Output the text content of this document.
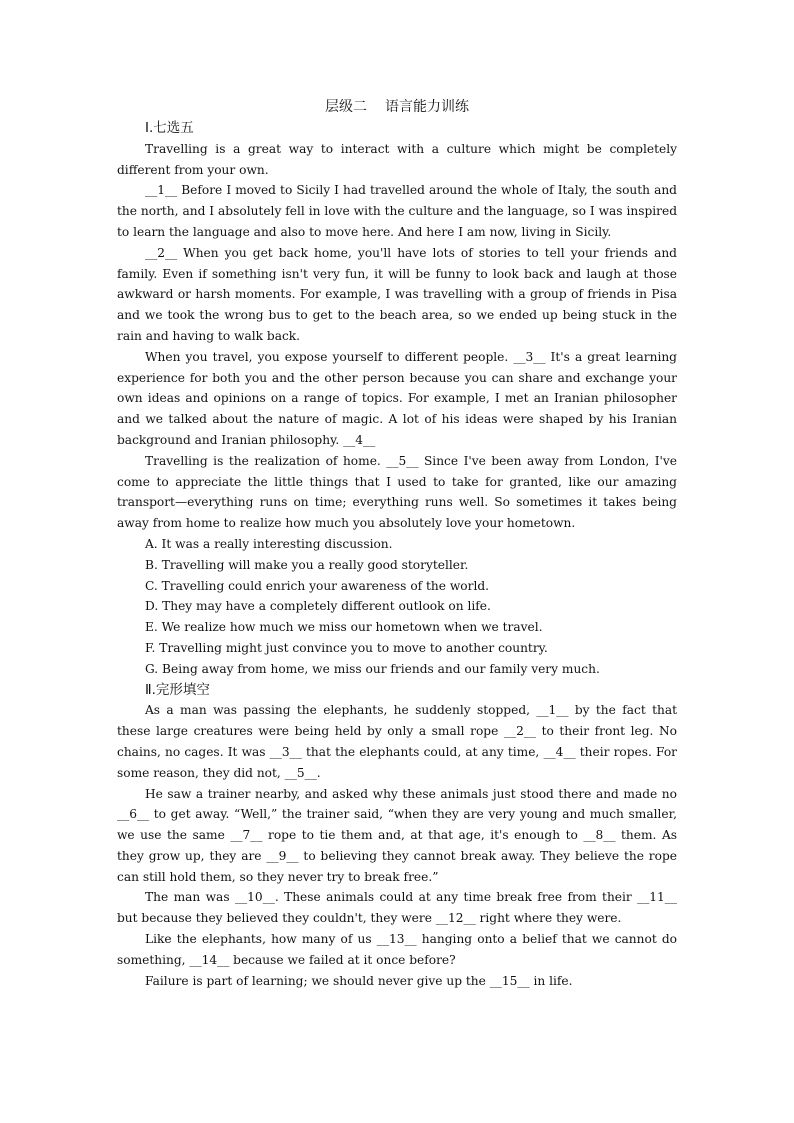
层级二 语言能力训练
Ⅰ.七选五

Travelling is a great way to interact with a culture which might be completely different from your own.

__1__ Before I moved to Sicily I had travelled around the whole of Italy, the south and the north, and I absolutely fell in love with the culture and the language, so I was inspired to learn the language and also to move here. And here I am now, living in Sicily.

__2__ When you get back home, you'll have lots of stories to tell your friends and family. Even if something isn't very fun, it will be funny to look back and laugh at those awkward or harsh moments. For example, I was travelling with a group of friends in Pisa and we took the wrong bus to get to the beach area, so we ended up being stuck in the rain and having to walk back.

When you travel, you expose yourself to different people. __3__ It's a great learning experience for both you and the other person because you can share and exchange your own ideas and opinions on a range of topics. For example, I met an Iranian philosopher and we talked about the nature of magic. A lot of his ideas were shaped by his Iranian background and Iranian philosophy. __4__

Travelling is the realization of home. __5__ Since I've been away from London, I've come to appreciate the little things that I used to take for granted, like our amazing transport—everything runs on time; everything runs well. So sometimes it takes being away from home to realize how much you absolutely love your hometown.

A. It was a really interesting discussion.

B. Travelling will make you a really good storyteller.

C. Travelling could enrich your awareness of the world.

D. They may have a completely different outlook on life.

E. We realize how much we miss our hometown when we travel.

F. Travelling might just convince you to move to another country.

G. Being away from home, we miss our friends and our family very much.

Ⅱ.完形填空

As a man was passing the elephants, he suddenly stopped, __1__ by the fact that these large creatures were being held by only a small rope __2__ to their front leg. No chains, no cages. It was __3__ that the elephants could, at any time, __4__ their ropes. For some reason, they did not, __5__.

He saw a trainer nearby, and asked why these animals just stood there and made no __6__ to get away. “Well,” the trainer said, “when they are very young and much smaller, we use the same __7__ rope to tie them and, at that age, it's enough to __8__ them. As they grow up, they are __9__ to believing they cannot break away. They believe the rope can still hold them, so they never try to break free.”

The man was __10__. These animals could at any time break free from their __11__ but because they believed they couldn't, they were __12__ right where they were.

Like the elephants, how many of us __13__ hanging onto a belief that we cannot do something, __14__ because we failed at it once before?

Failure is part of learning; we should never give up the __15__ in life.
